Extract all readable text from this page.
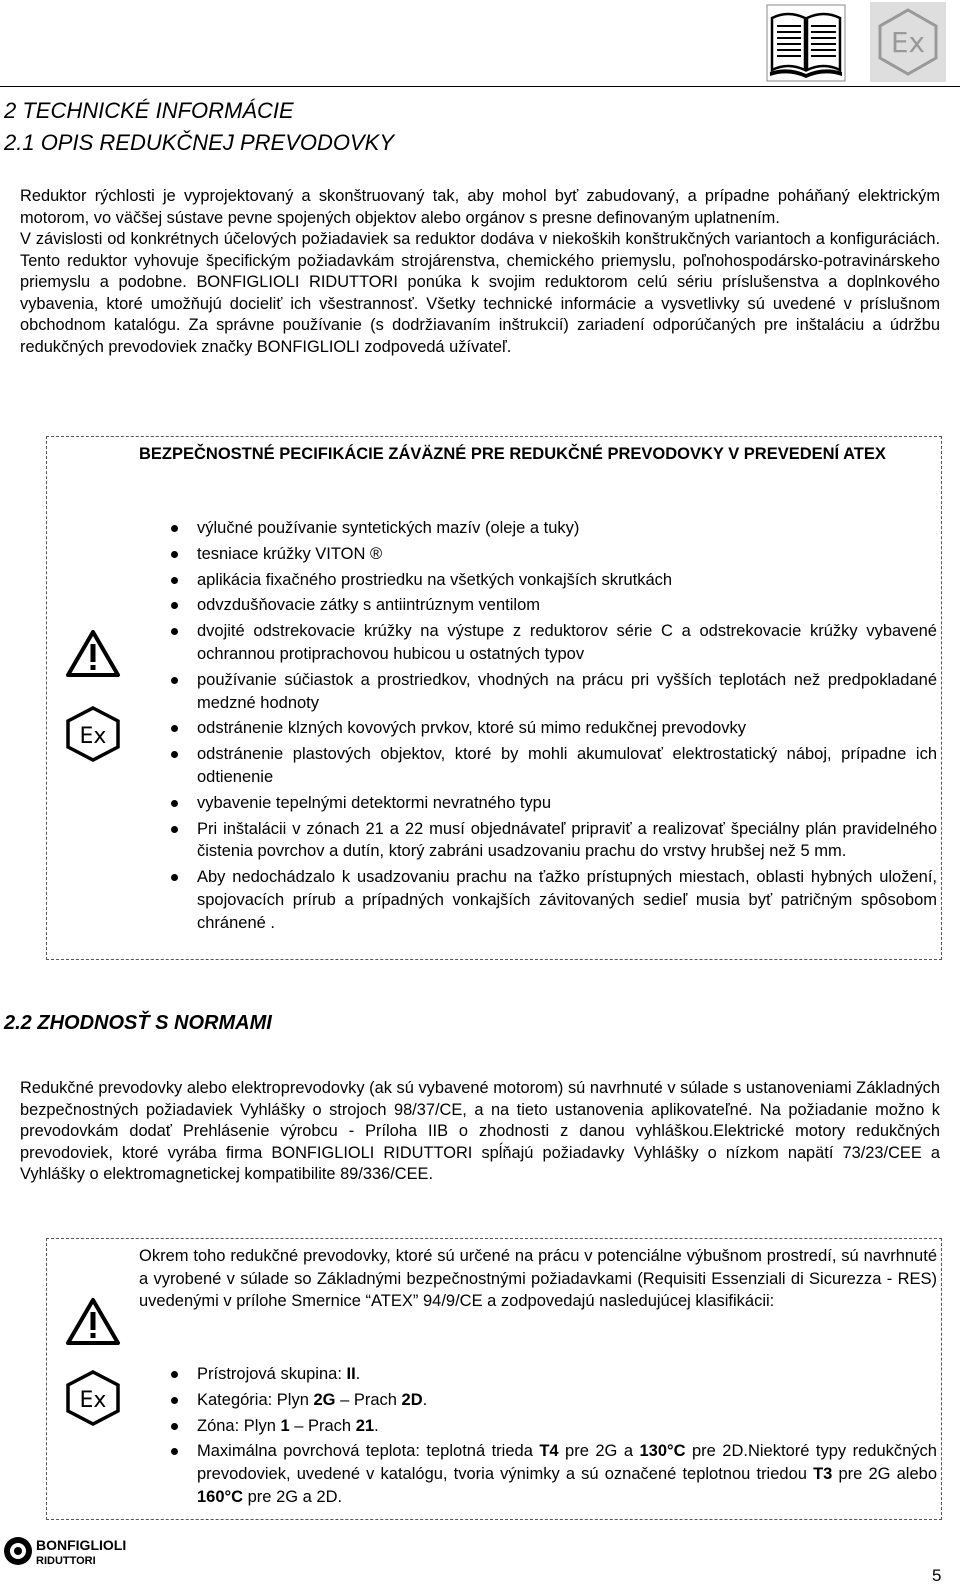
Ex
2 TECHNICKÉ INFORMÁCIE
2.1 OPIS REDUKČNEJ PREVODOVKY
Reduktor rýchlosti je vyprojektovaný a skonštruovaný tak, aby mohol byť zabudovaný, a prípadne poháňaný elektrickým motorom, vo väčšej sústave pevne spojených objektov alebo orgánov s presne definovaným uplatnením.
V závislosti od konkrétnych účelových požiadaviek sa reduktor dodáva v niekoških konštrukčných variantoch a konfiguráciách. Tento reduktor vyhovuje špecifickým požiadavkám strojárenstva, chemického priemyslu, poľnohospodársko-potravinárskeho priemyslu a podobne. BONFIGLIOLI RIDUTTORI ponúka k svojim reduktorom celú sériu príslušenstva a doplnkového vybavenia, ktoré umožňujú docieliť ich všestrannosť. Všetky technické informácie a vysvetlivky sú uvedené v príslušnom obchodnom katalógu. Za správne používanie (s dodržiavaním inštrukcií) zariadení odporúčaných pre inštaláciu a údržbu redukčných prevodoviek značky BONFIGLIOLI zodpovedá užívateľ.
BEZPEČNOSTNÉ PECIFIKÁCIE ZÁVÄZNÉ PRE REDUKČNÉ PREVODOVKY V PREVEDENÍ ATEX
Ex
výlučné používanie syntetických mazív (oleje a tuky)
tesniace krúžky VITON ®
aplikácia fixačného prostriedku na všetkých vonkajších skrutkách
odvzdušňovacie zátky s antiintrúznym ventilom
dvojité odstrekovacie krúžky na výstupe z reduktorov série C a odstrekovacie krúžky vybavené ochrannou protiprachovou hubicou u ostatných typov
používanie súčiastok a prostriedkov, vhodných na prácu pri vyšších teplotách než predpokladané medzné hodnoty
odstránenie klzných kovových prvkov, ktoré sú mimo redukčnej prevodovky
odstránenie plastových objektov, ktoré by mohli akumulovať elektrostatický náboj, prípadne ich odtienenie
vybavenie tepelnými detektormi nevratného typu
Pri inštalácii v zónach 21 a 22 musí objednávateľ pripraviť a realizovať špeciálny plán pravidelného čistenia povrchov a dutín, ktorý zabráni usadzovaniu prachu do vrstvy hrubšej než 5 mm.
Aby nedochádzalo k usadzovaniu prachu na ťažko prístupných miestach, oblasti hybných uložení, spojovacích prírub a prípadných vonkajších závitovaných sedieľ musia byť patričným spôsobom chránené .
2.2 ZHODNOSŤ S NORMAMI
Redukčné prevodovky alebo elektroprevodovky (ak sú vybavené motorom) sú navrhnuté v súlade s ustanoveniami Základných bezpečnostných požiadaviek Vyhlášky o strojoch 98/37/CE, a na tieto ustanovenia aplikovateľné. Na požiadanie možno k prevodovkám dodať Prehlásenie výrobcu - Príloha IIB o zhodnosti z danou vyhláškou.Elektrické motory redukčných prevodoviek, ktoré vyrába firma BONFIGLIOLI RIDUTTORI spĺňajú požiadavky Vyhlášky o nízkom napätí 73/23/CEE a Vyhlášky o elektromagnetickej kompatibilite 89/336/CEE.
Okrem toho redukčné prevodovky, ktoré sú určené na prácu v potenciálne výbušnom prostredí, sú navrhnuté a vyrobené v súlade so Základnými bezpečnostnými požiadavkami (Requisiti Essenziali di Sicurezza - RES) uvedenými v prílohe Smernice “ATEX” 94/9/CE a zodpovedajú nasledujúcej klasifikácii:
Ex
Prístrojová skupina: II.
Kategória: Plyn 2G – Prach 2D.
Zóna: Plyn 1 – Prach 21.
Maximálna povrchová teplota: teplotná trieda T4 pre 2G a 130°C pre 2D.Niektoré typy redukčných prevodoviek, uvedené v katalógu, tvoria výnimky a sú označené teplotnou triedou T3 pre 2G alebo 160°C pre 2G a 2D.
BONFIGLIOLI
RIDUTTORI
5
